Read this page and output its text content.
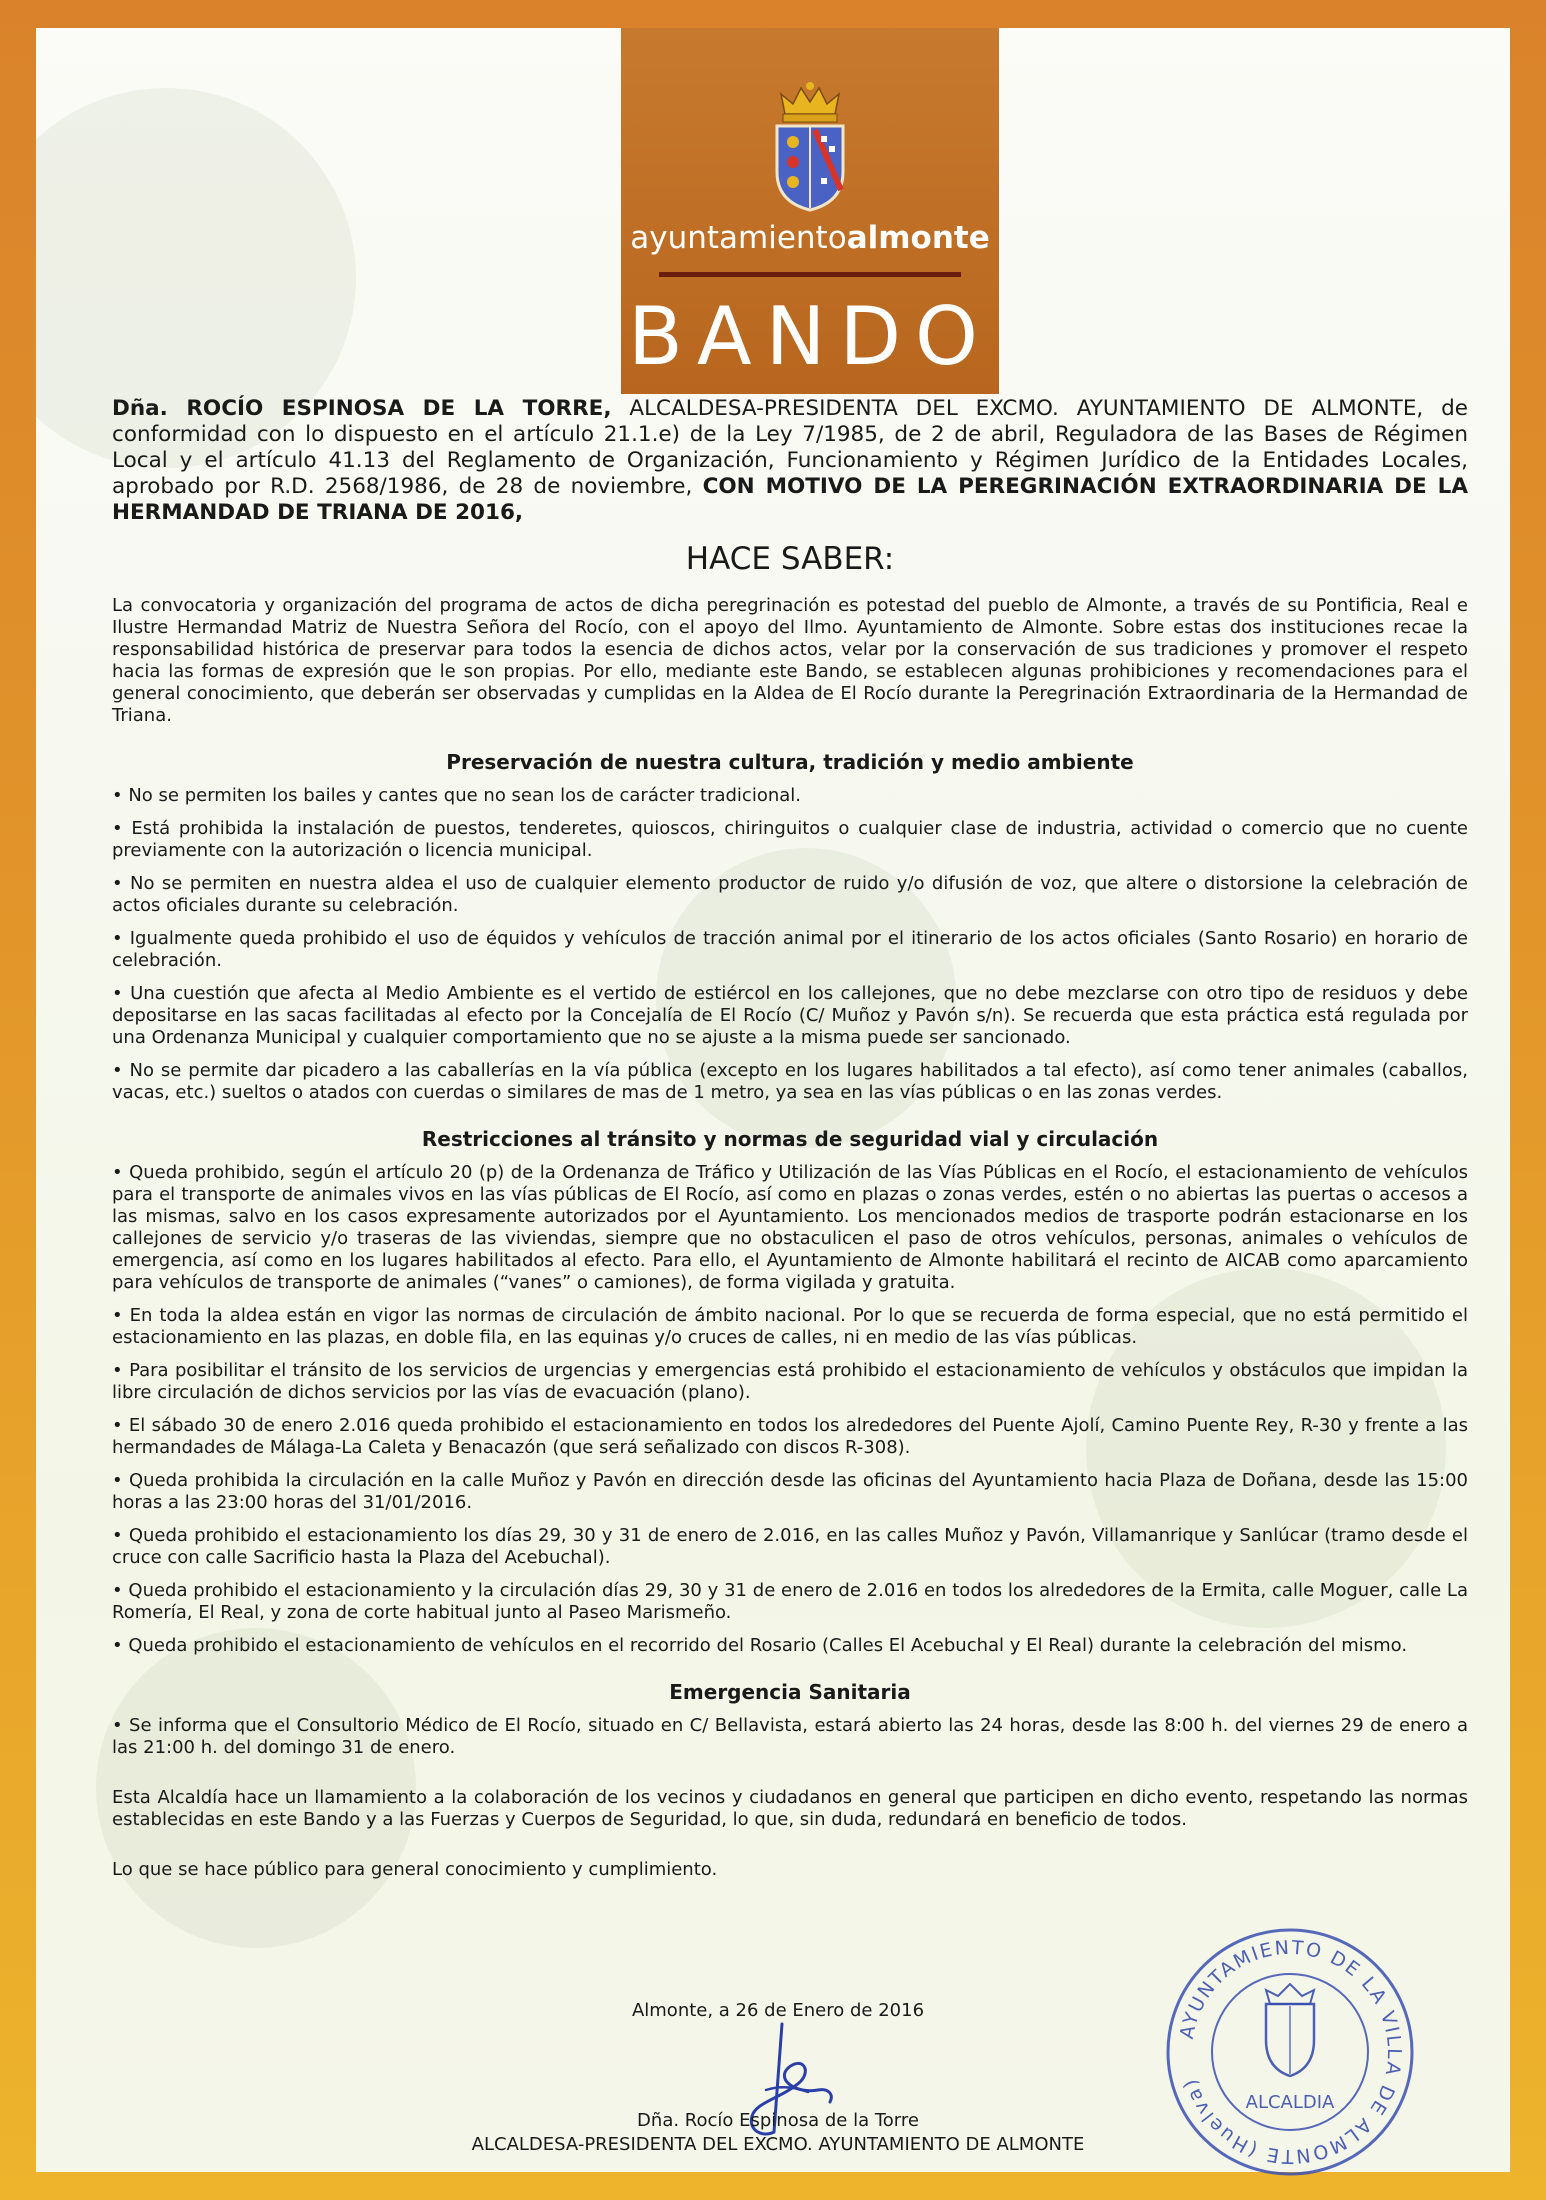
ayuntamientoalmonte
BANDO

Dña. ROCÍO ESPINOSA DE LA TORRE, ALCALDESA-PRESIDENTA DEL EXCMO. AYUNTAMIENTO DE ALMONTE, de conformidad con lo dispuesto en el artículo 21.1.e) de la Ley 7/1985, de 2 de abril, Reguladora de las Bases de Régimen Local y el artículo 41.13 del Reglamento de Organización, Funcionamiento y Régimen Jurídico de la Entidades Locales, aprobado por R.D. 2568/1986, de 28 de noviembre, CON MOTIVO DE LA PEREGRINACIÓN EXTRAORDINARIA DE LA HERMANDAD DE TRIANA DE 2016,

HACE SABER:

La convocatoria y organización del programa de actos de dicha peregrinación es potestad del pueblo de Almonte, a través de su Pontificia, Real e Ilustre Hermandad Matriz de Nuestra Señora del Rocío, con el apoyo del Ilmo. Ayuntamiento de Almonte. Sobre estas dos instituciones recae la responsabilidad histórica de preservar para todos la esencia de dichos actos, velar por la conservación de sus tradiciones y promover el respeto hacia las formas de expresión que le son propias. Por ello, mediante este Bando, se establecen algunas prohibiciones y recomendaciones para el general conocimiento, que deberán ser observadas y cumplidas en la Aldea de El Rocío durante la Peregrinación Extraordinaria de la Hermandad de Triana.

Preservación de nuestra cultura, tradición y medio ambiente
• No se permiten los bailes y cantes que no sean los de carácter tradicional.
• Está prohibida la instalación de puestos, tenderetes, quioscos, chiringuitos o cualquier clase de industria, actividad o comercio que no cuente previamente con la autorización o licencia municipal.
• No se permiten en nuestra aldea el uso de cualquier elemento productor de ruido y/o difusión de voz, que altere o distorsione la celebración de actos oficiales durante su celebración.
• Igualmente queda prohibido el uso de équidos y vehículos de tracción animal por el itinerario de los actos oficiales (Santo Rosario) en horario de celebración.
• Una cuestión que afecta al Medio Ambiente es el vertido de estiércol en los callejones, que no debe mezclarse con otro tipo de residuos y debe depositarse en las sacas facilitadas al efecto por la Concejalía de El Rocío (C/ Muñoz y Pavón s/n). Se recuerda que esta práctica está regulada por una Ordenanza Municipal y cualquier comportamiento que no se ajuste a la misma puede ser sancionado.
• No se permite dar picadero a las caballerías en la vía pública (excepto en los lugares habilitados a tal efecto), así como tener animales (caballos, vacas, etc.) sueltos o atados con cuerdas o similares de mas de 1 metro, ya sea en las vías públicas o en las zonas verdes.
Restricciones al tránsito y normas de seguridad vial y circulación
• Queda prohibido, según el artículo 20 (p) de la Ordenanza de Tráfico y Utilización de las Vías Públicas en el Rocío, el estacionamiento de vehículos para el transporte de animales vivos en las vías públicas de El Rocío, así como en plazas o zonas verdes, estén o no abiertas las puertas o accesos a las mismas, salvo en los casos expresamente autorizados por el Ayuntamiento. Los mencionados medios de trasporte podrán estacionarse en los callejones de servicio y/o traseras de las viviendas, siempre que no obstaculicen el paso de otros vehículos, personas, animales o vehículos de emergencia, así como en los lugares habilitados al efecto. Para ello, el Ayuntamiento de Almonte habilitará el recinto de AICAB como aparcamiento para vehículos de transporte de animales (“vanes” o camiones), de forma vigilada y gratuita.
• En toda la aldea están en vigor las normas de circulación de ámbito nacional. Por lo que se recuerda de forma especial, que no está permitido el estacionamiento en las plazas, en doble fila, en las equinas y/o cruces de calles, ni en medio de las vías públicas.
• Para posibilitar el tránsito de los servicios de urgencias y emergencias está prohibido el estacionamiento de vehículos y obstáculos que impidan la libre circulación de dichos servicios por las vías de evacuación (plano).
• El sábado 30 de enero 2.016 queda prohibido el estacionamiento en todos los alrededores del Puente Ajolí, Camino Puente Rey, R-30 y frente a las hermandades de Málaga-La Caleta y Benacazón (que será señalizado con discos R-308).
• Queda prohibida la circulación en la calle Muñoz y Pavón en dirección desde las oficinas del Ayuntamiento hacia Plaza de Doñana, desde las 15:00 horas a las 23:00 horas del 31/01/2016.
• Queda prohibido el estacionamiento los días 29, 30 y 31 de enero de 2.016, en las calles Muñoz y Pavón, Villamanrique y Sanlúcar (tramo desde el cruce con calle Sacrificio hasta la Plaza del Acebuchal).
• Queda prohibido el estacionamiento y la circulación días 29, 30 y 31 de enero de 2.016 en todos los alrededores de la Ermita, calle Moguer, calle La Romería, El Real, y zona de corte habitual junto al Paseo Marismeño.
• Queda prohibido el estacionamiento de vehículos en el recorrido del Rosario (Calles El Acebuchal y El Real) durante la celebración del mismo.
Emergencia Sanitaria
• Se informa que el Consultorio Médico de El Rocío, situado en C/ Bellavista, estará abierto las 24 horas, desde las 8:00 h. del viernes 29 de enero a las 21:00 h. del domingo 31 de enero.

Esta Alcaldía hace un llamamiento a la colaboración de los vecinos y ciudadanos en general que participen en dicho evento, respetando las normas establecidas en este Bando y a las Fuerzas y Cuerpos de Seguridad, lo que, sin duda, redundará en beneficio de todos.

Lo que se hace público para general conocimiento y cumplimiento.

Almonte, a 26 de Enero de 2016
Dña. Rocío Espinosa de la Torre
ALCALDESA-PRESIDENTA DEL EXCMO. AYUNTAMIENTO DE ALMONTE
AYUNTAMIENTO DE LA VILLA DE ALMONTE (Huelva)
ALCALDIA
